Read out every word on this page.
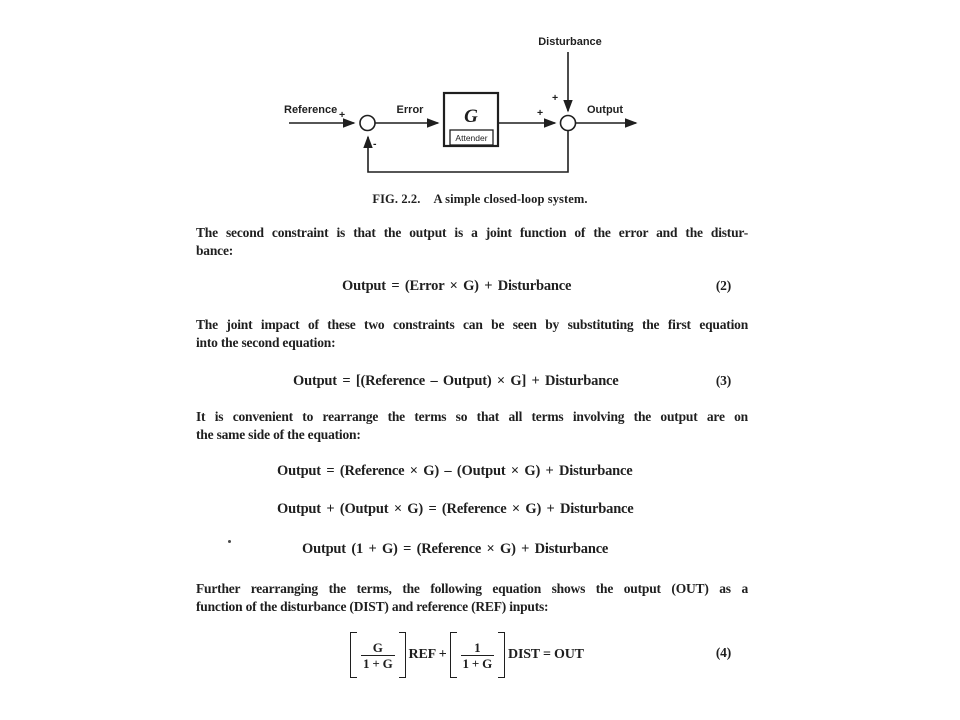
Disturbance
Reference +	Error G
Attender
+
+
Output
-
FIG. 2.2. A simple closed-loop system.
The second constraint is that the output is a joint function of the error and the distur-
bance:
Output = (Error × G) + Disturbance	(2)
The joint impact of these two constraints can be seen by substituting the first equation
into the second equation:
Output = [(Reference – Output) × G] + Disturbance	(3)
It is convenient to rearrange the terms so that all terms involving the output are on
the same side of the equation:
Output = (Reference × G) – (Output × G) + Disturbance
Output + (Output × G) = (Reference × G) + Disturbance
Output (1 + G) = (Reference × G) + Disturbance
Further rearranging the terms, the following equation shows the output (OUT) as a
function of the disturbance (DIST) and reference (REF) inputs:
$\frac{G}{1 + G}$ REF + $\frac{1}{1 + G}$ DIST = OUT	(4)
